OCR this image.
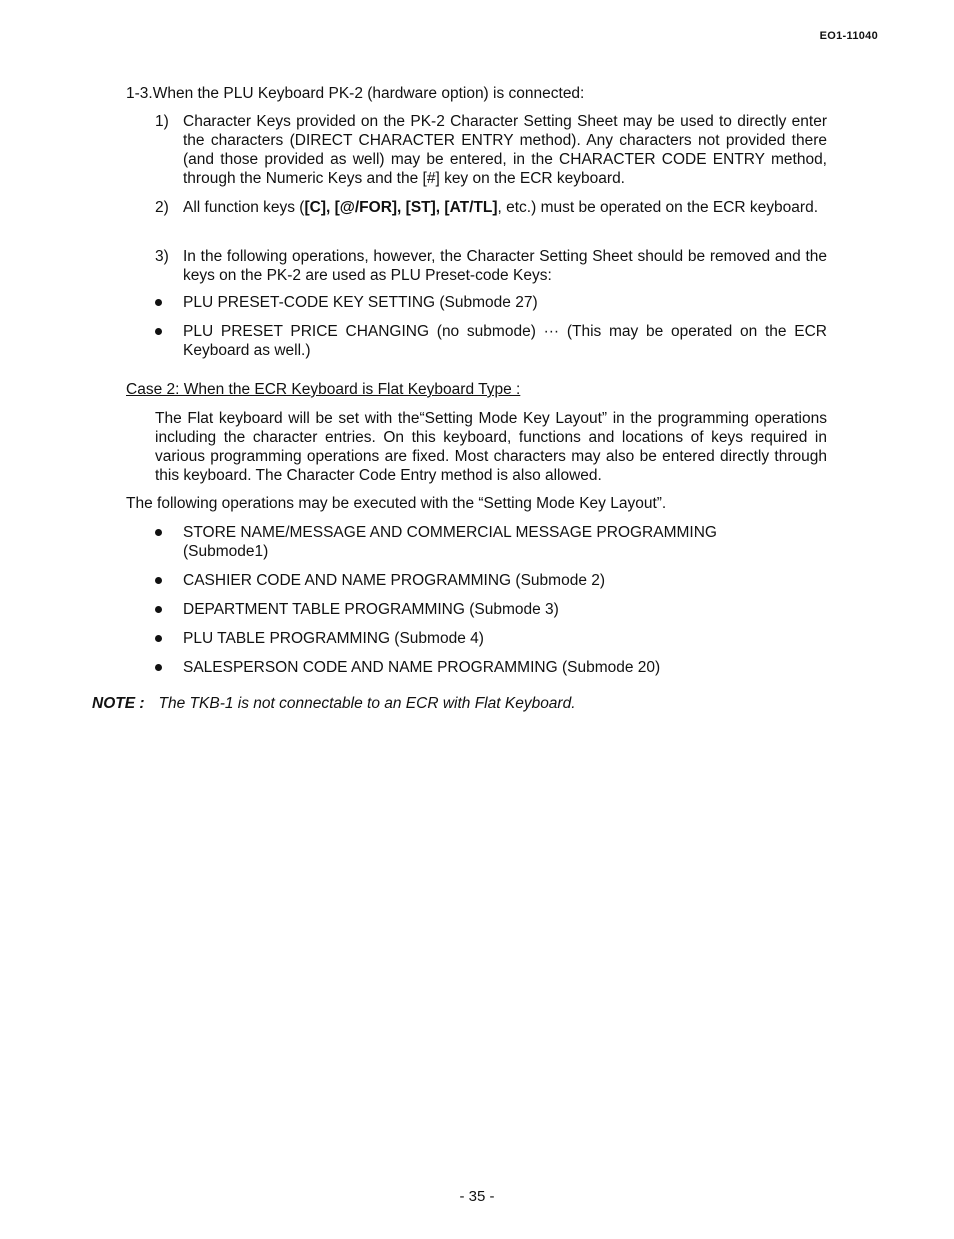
EO1-11040
1-3.When the PLU Keyboard PK-2 (hardware option) is connected:
1) Character Keys provided on the PK-2 Character Setting Sheet may be used to directly enter the characters (DIRECT CHARACTER ENTRY method). Any characters not provided there (and those provided as well) may be entered, in the CHARACTER CODE ENTRY method, through the Numeric Keys and the [#] key on the ECR keyboard.
2) All function keys ([C], [@/FOR], [ST], [AT/TL], etc.) must be operated on the ECR keyboard.
3) In the following operations, however, the Character Setting Sheet should be removed and the keys on the PK-2 are used as PLU Preset-code Keys:
PLU PRESET-CODE KEY SETTING (Submode 27)
PLU PRESET PRICE CHANGING (no submode) ··· (This may be operated on the ECR Keyboard as well.)
Case 2: When the ECR Keyboard is Flat Keyboard Type :
The Flat keyboard will be set with the“Setting Mode Key Layout” in the programming operations including the character entries. On this keyboard, functions and locations of keys required in various programming operations are fixed. Most characters may also be entered directly through this keyboard. The Character Code Entry method is also allowed.
The following operations may be executed with the “Setting Mode Key Layout”.
STORE NAME/MESSAGE AND COMMERCIAL MESSAGE PROGRAMMING (Submode1)
CASHIER CODE AND NAME PROGRAMMING (Submode 2)
DEPARTMENT TABLE PROGRAMMING (Submode 3)
PLU TABLE PROGRAMMING (Submode 4)
SALESPERSON CODE AND NAME PROGRAMMING (Submode 20)
NOTE : The TKB-1 is not connectable to an ECR with Flat Keyboard.
- 35 -
